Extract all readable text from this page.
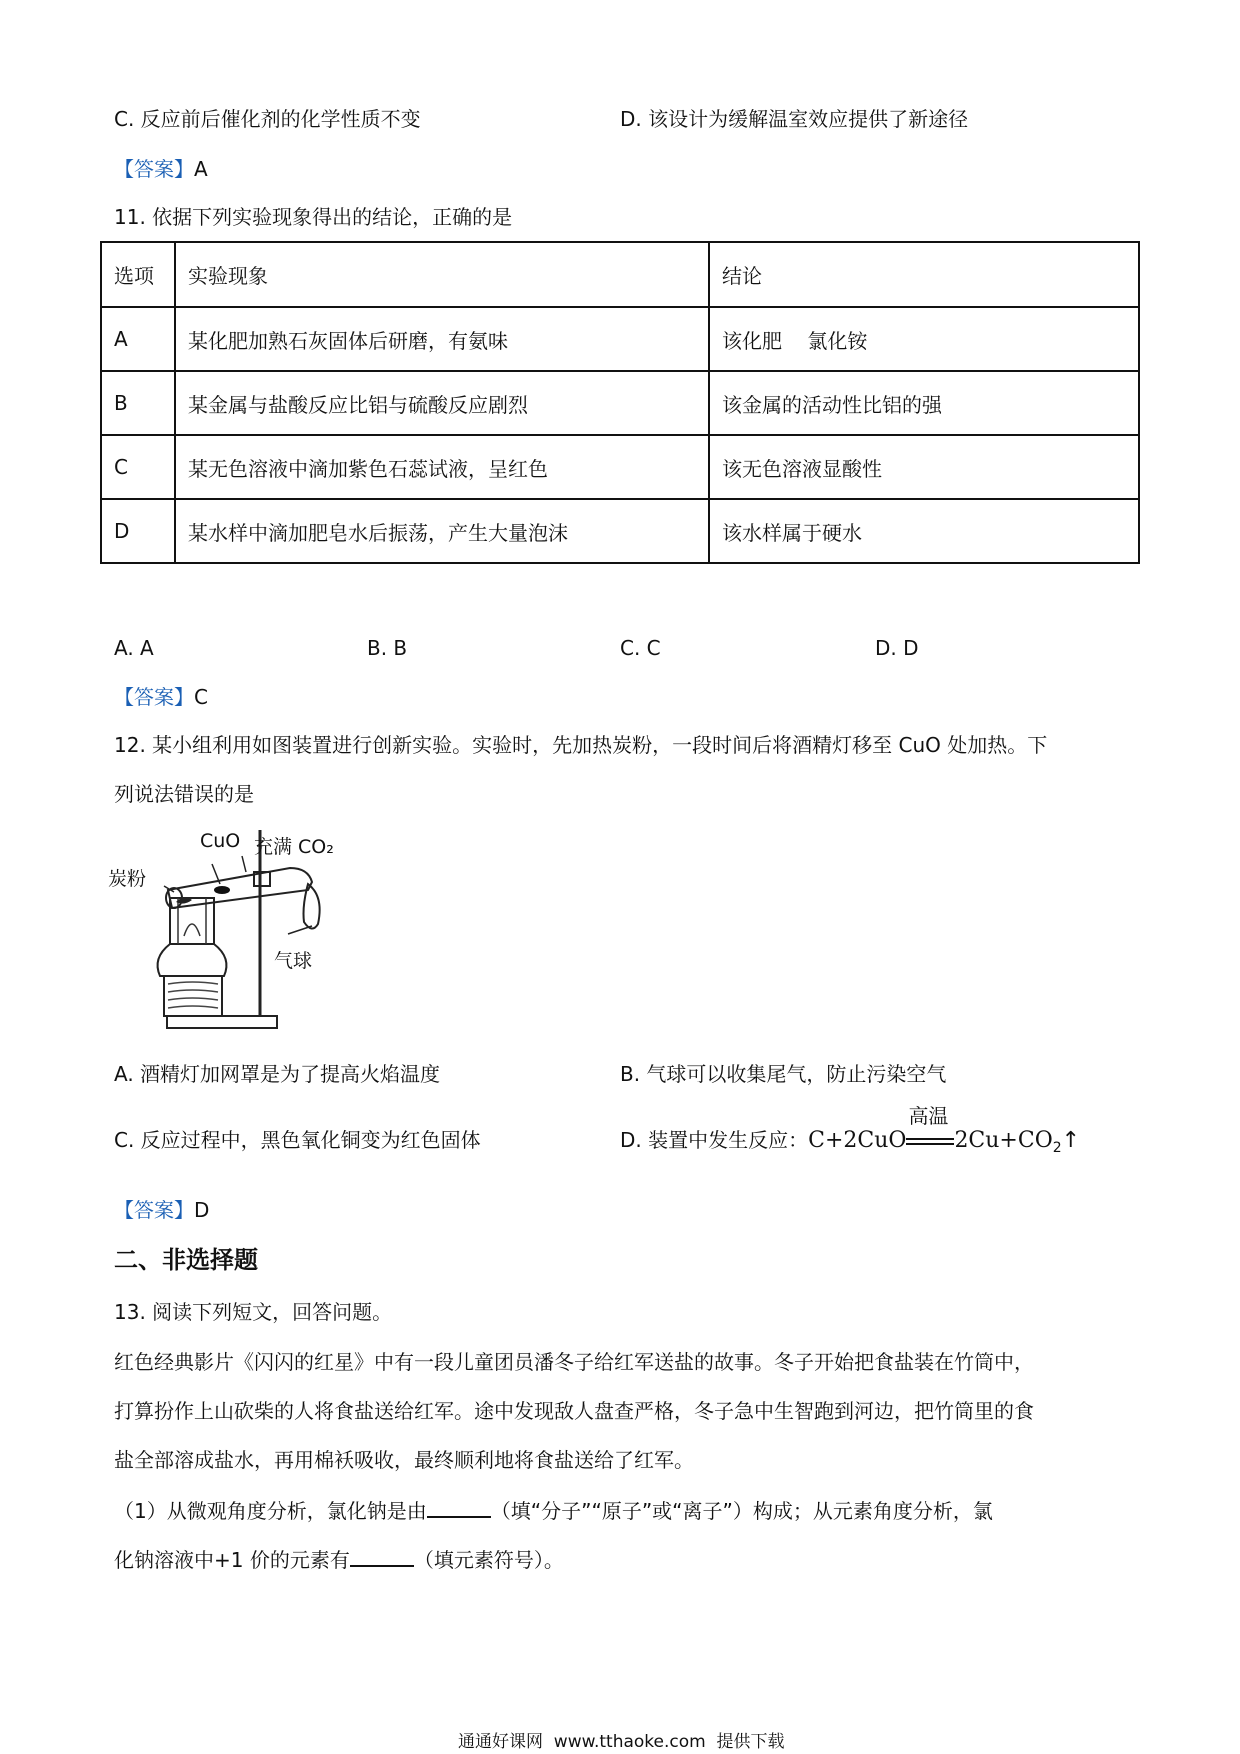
C. 反应前后催化剂的化学性质不变	D. 该设计为缓解温室效应提供了新途径
【答案】A
11. 依据下列实验现象得出的结论，正确的是
选项	实验现象	结论
A	某化肥加熟石灰固体后研磨，有氨味	该化肥    氯化铵
B	某金属与盐酸反应比铝与硫酸反应剧烈	该金属的活动性比铝的强
C	某无色溶液中滴加紫色石蕊试液，呈红色	该无色溶液显酸性
D	某水样中滴加肥皂水后振荡，产生大量泡沫	该水样属于硬水
A. A	B. B	C. C	D. D
【答案】C
12. 某小组利用如图装置进行创新实验。实验时，先加热炭粉，一段时间后将酒精灯移至 CuO 处加热。下
列说法错误的是
CuO 充满 CO₂
炭粉
气球
A. 酒精灯加网罩是为了提高火焰温度	B. 气球可以收集尾气，防止污染空气
C. 反应过程中，黑色氧化铜变为红色固体	D. 装置中发生反应：C+2CuO
高温
$2Cu+CO_2↑$
【答案】D
二、非选择题
13. 阅读下列短文，回答问题。
红色经典影片《闪闪的红星》中有一段儿童团员潘冬子给红军送盐的故事。冬子开始把食盐装在竹筒中，
打算扮作上山砍柴的人将食盐送给红军。途中发现敌人盘查严格，冬子急中生智跑到河边，把竹筒里的食
盐全部溶成盐水，再用棉袄吸收，最终顺利地将食盐送给了红军。
（1）从微观角度分析，氯化钠是由	（填“分子”“原子”或“离子”）构成；从元素角度分析，氯
化钠溶液中+1 价的元素有	（填元素符号）。
通通好课网  www.tthaoke.com  提供下载
